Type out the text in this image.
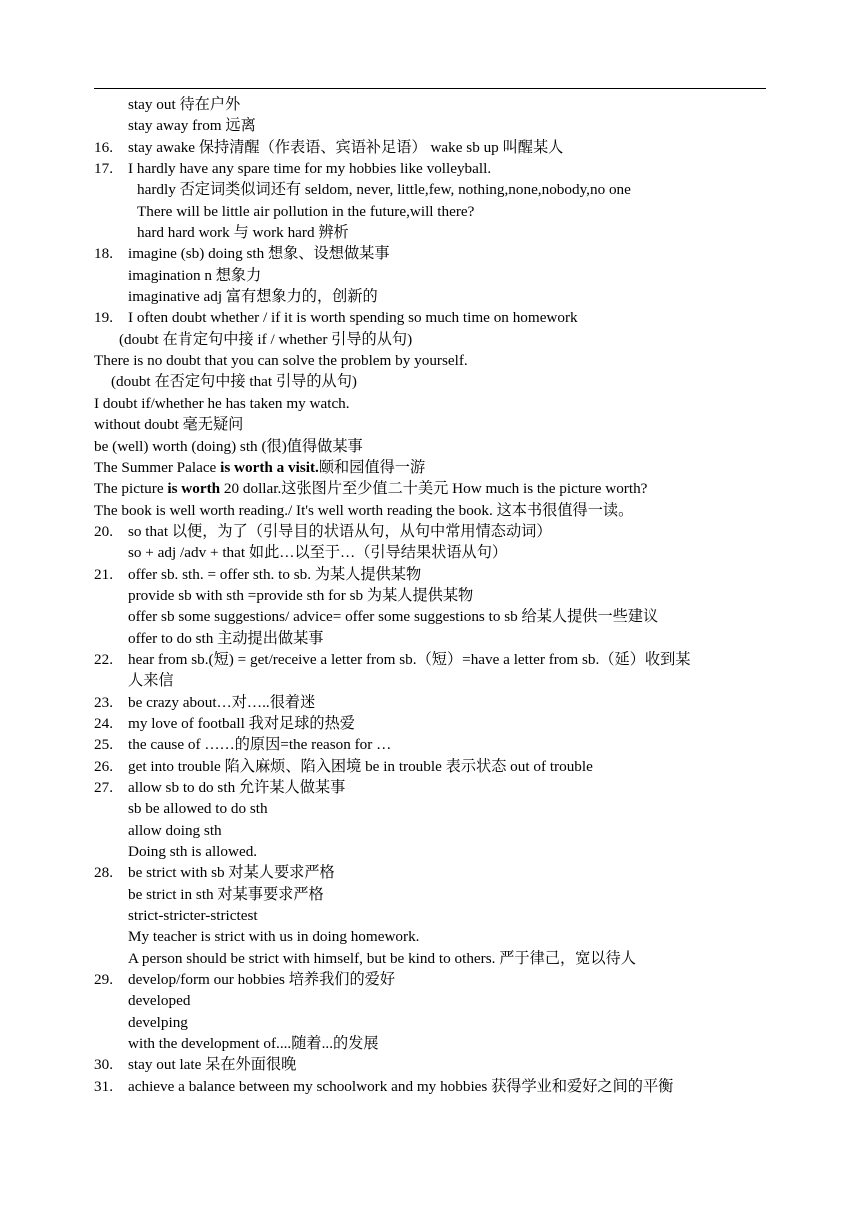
stay out 待在户外
stay away from 远离
16. stay awake 保持清醒（作表语、宾语补足语） wake sb up 叫醒某人
17. I hardly have any spare time for my hobbies like volleyball.
hardly 否定词类似词还有 seldom, never, little,few, nothing,none,nobody,no one
There will be little air pollution in the future,will there?
hard hard work 与 work hard 辨析
18. imagine (sb) doing sth 想象、设想做某事
imagination n 想象力
imaginative adj 富有想象力的，创新的
19. I often doubt whether / if it is worth spending so much time on homework
(doubt 在肯定句中接 if / whether 引导的从句)
There is no doubt that you can solve the problem by yourself.
(doubt 在否定句中接 that 引导的从句)
I doubt if/whether he has taken my watch.
without doubt 毫无疑问
be (well) worth (doing) sth (很)值得做某事
The Summer Palace is worth a visit.颐和园值得一游
The picture is worth 20 dollar.这张图片至少值二十美元 How much is the picture worth?
The book is well worth reading./ It's well worth reading the book. 这本书很值得一读。
20. so that 以便，为了（引导目的状语从句，从句中常用情态动词）
so + adj /adv + that 如此…以至于…（引导结果状语从句）
21. offer sb. sth. = offer sth. to sb. 为某人提供某物
provide sb with sth =provide sth for sb 为某人提供某物
offer sb some suggestions/ advice= offer some suggestions to sb 给某人提供一些建议
offer to do sth 主动提出做某事
22. hear from sb.(短) = get/receive a letter from sb.（短）=have a letter from sb.（延）收到某
人来信
23. be crazy about…对…..很着迷
24. my love of football 我对足球的热爱
25. the cause of ……的原因=the reason for …
26. get into trouble 陷入麻烦、陷入困境 be in trouble 表示状态 out of trouble
27. allow sb to do sth 允许某人做某事
sb be allowed to do sth
allow doing sth
Doing sth is allowed.
28. be strict with sb 对某人要求严格
be strict in sth 对某事要求严格
strict-stricter-strictest
My teacher is strict with us in doing homework.
A person should be strict with himself, but be kind to others. 严于律己，宽以待人
29. develop/form our hobbies 培养我们的爱好
developed
develping
with the development of....随着...的发展
30. stay out late 呆在外面很晚
31. achieve a balance between my schoolwork and my hobbies 获得学业和爱好之间的平衡
